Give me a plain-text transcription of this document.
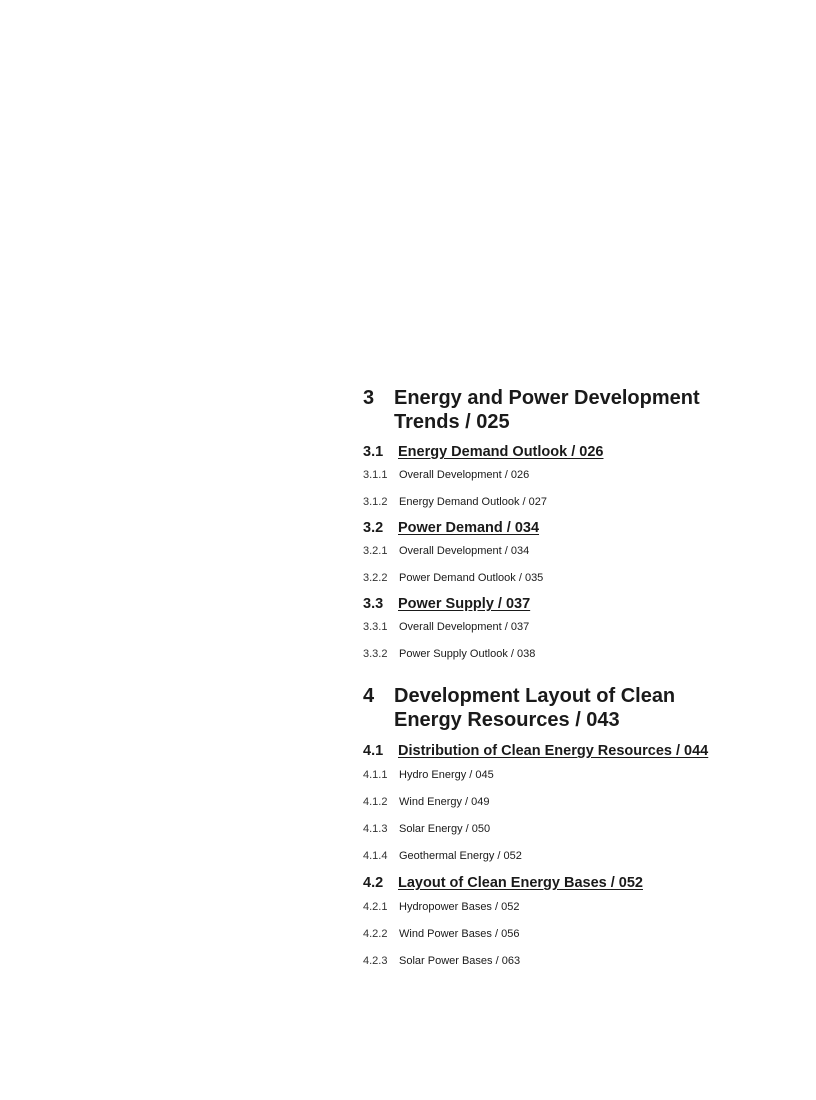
3 Energy and Power Development
Trends / 025
3.1 Energy Demand Outlook / 026
3.1.1 Overall Development / 026
3.1.2 Energy Demand Outlook / 027
3.2 Power Demand / 034
3.2.1 Overall Development / 034
3.2.2 Power Demand Outlook / 035
3.3 Power Supply / 037
3.3.1 Overall Development / 037
3.3.2 Power Supply Outlook / 038
4 Development Layout of Clean
Energy Resources / 043
4.1 Distribution of Clean Energy Resources / 044
4.1.1 Hydro Energy / 045
4.1.2 Wind Energy / 049
4.1.3 Solar Energy / 050
4.1.4 Geothermal Energy / 052
4.2 Layout of Clean Energy Bases / 052
4.2.1 Hydropower Bases / 052
4.2.2 Wind Power Bases / 056
4.2.3 Solar Power Bases / 063
